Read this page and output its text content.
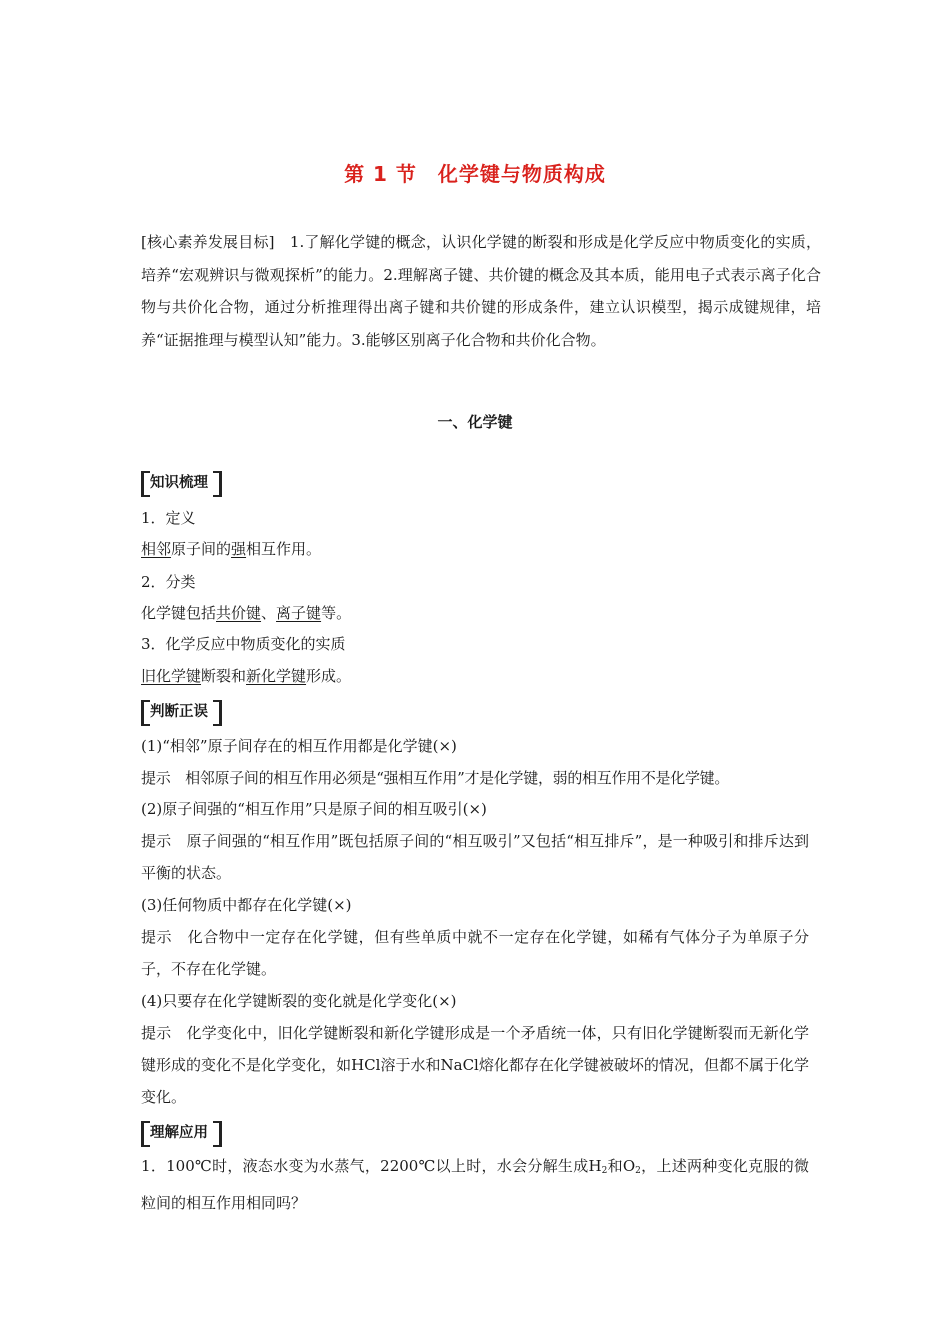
第 1 节　化学键与物质构成
[核心素养发展目标]　1.了解化学键的概念，认识化学键的断裂和形成是化学反应中物质变化的实质，培养“宏观辨识与微观探析”的能力。2.理解离子键、共价键的概念及其本质，能用电子式表示离子化合物与共价化合物，通过分析推理得出离子键和共价键的形成条件，建立认识模型，揭示成键规律，培养“证据推理与模型认知”能力。3.能够区别离子化合物和共价化合物。
一、化学键
知识梳理
1．定义
相邻原子间的强相互作用。
2．分类
化学键包括共价键、离子键等。
3．化学反应中物质变化的实质
旧化学键断裂和新化学键形成。
判断正误
(1)“相邻”原子间存在的相互作用都是化学键(×)
提示　相邻原子间的相互作用必须是“强相互作用”才是化学键，弱的相互作用不是化学键。
(2)原子间强的“相互作用”只是原子间的相互吸引(×)
提示　原子间强的“相互作用”既包括原子间的“相互吸引”又包括“相互排斥”，是一种吸引和排斥达到平衡的状态。
(3)任何物质中都存在化学键(×)
提示　化合物中一定存在化学键，但有些单质中就不一定存在化学键，如稀有气体分子为单原子分子，不存在化学键。
(4)只要存在化学键断裂的变化就是化学变化(×)
提示　化学变化中，旧化学键断裂和新化学键形成是一个矛盾统一体，只有旧化学键断裂而无新化学键形成的变化不是化学变化，如HCl溶于水和NaCl熔化都存在化学键被破坏的情况，但都不属于化学变化。
理解应用
1．100℃时，液态水变为水蒸气，2200℃以上时，水会分解生成$H_2$和$O_2$，上述两种变化克服的微粒间的相互作用相同吗？
